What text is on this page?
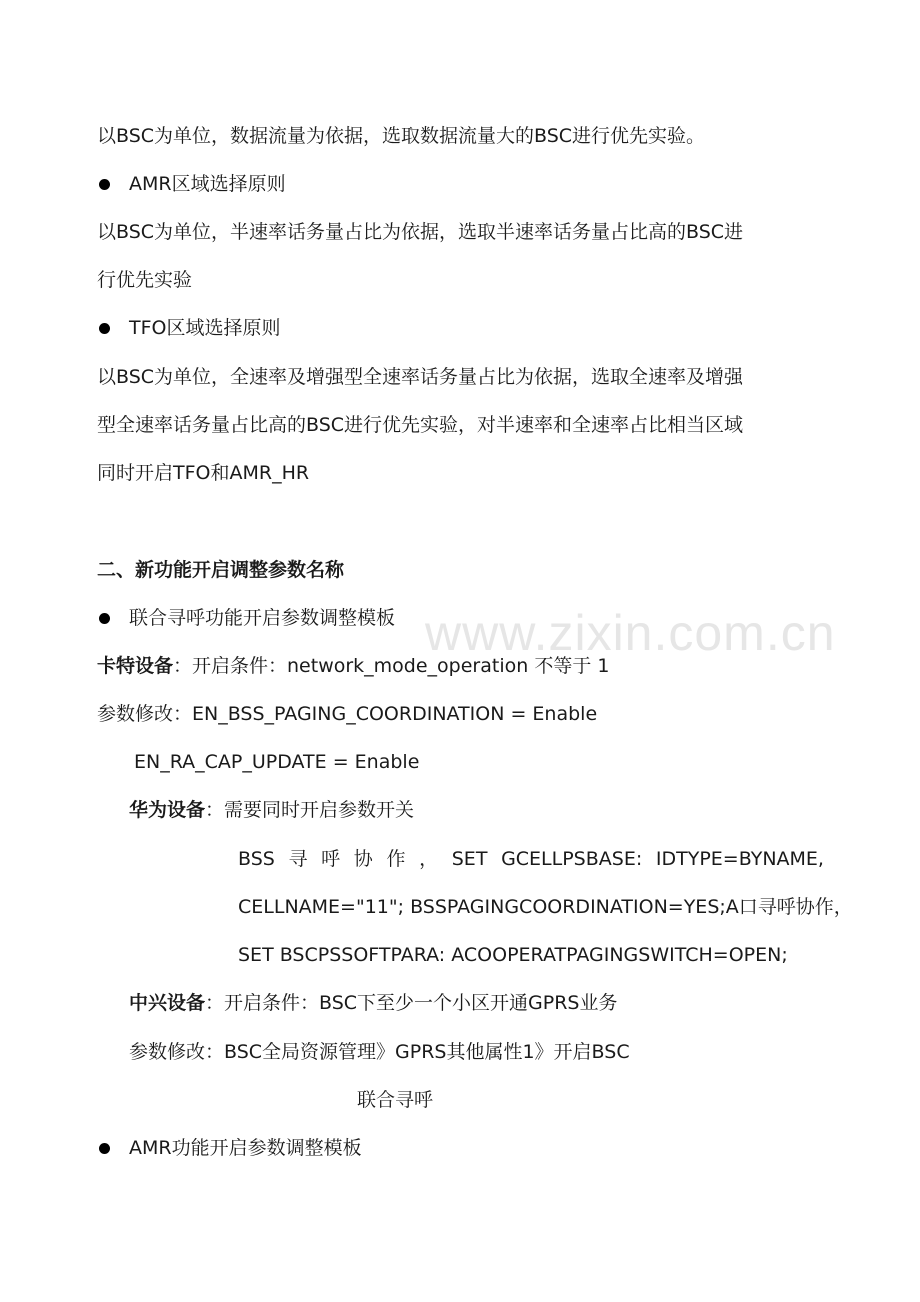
www.zixin.com.cn
以BSC为单位，数据流量为依据，选取数据流量大的BSC进行优先实验。
AMR区域选择原则
以BSC为单位，半速率话务量占比为依据，选取半速率话务量占比高的BSC进
行优先实验
TFO区域选择原则
以BSC为单位，全速率及增强型全速率话务量占比为依据，选取全速率及增强
型全速率话务量占比高的BSC进行优先实验，对半速率和全速率占比相当区域
同时开启TFO和AMR_HR
二、新功能开启调整参数名称
联合寻呼功能开启参数调整模板
卡特设备：开启条件：network_mode_operation 不等于 1
参数修改：EN_BSS_PAGING_COORDINATION = Enable
EN_RA_CAP_UPDATE = Enable
华为设备：需要同时开启参数开关
BSS 寻 呼 协 作 ， SET GCELLPSBASE: IDTYPE=BYNAME,
CELLNAME="11"; BSSPAGINGCOORDINATION=YES;A口寻呼协作，
SET BSCPSSOFTPARA: ACOOPERATPAGINGSWITCH=OPEN;
中兴设备：开启条件：BSC下至少一个小区开通GPRS业务
参数修改：BSC全局资源管理》GPRS其他属性1》开启BSC
联合寻呼
AMR功能开启参数调整模板
